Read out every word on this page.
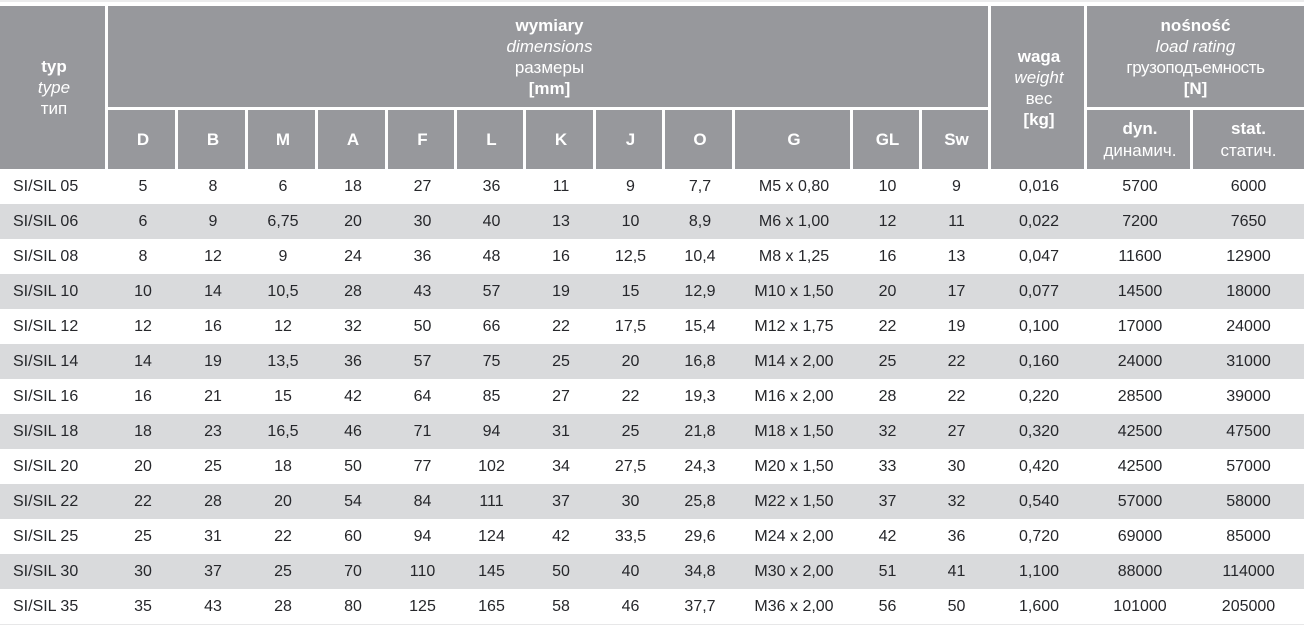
typ
type
тип
wymiary
dimensions
размеры
[mm]
D	B	M	A	F	L	K	J	O	G	GL	Sw
waga
weight
вес
[kg]
nośność
load rating
грузоподъемность
[N]
dyn.
динамич.
stat.
статич.
SI/SIL 05	5	8	6	18	27	36	11	9	7,7	M5 x 0,80	10	9	0,016	5700	6000
SI/SIL 06	6	9	6,75	20	30	40	13	10	8,9	M6 x 1,00	12	11	0,022	7200	7650
SI/SIL 08	8	12	9	24	36	48	16	12,5	10,4	M8 x 1,25	16	13	0,047	11600	12900
SI/SIL 10	10	14	10,5	28	43	57	19	15	12,9	M10 x 1,50	20	17	0,077	14500	18000
SI/SIL 12	12	16	12	32	50	66	22	17,5	15,4	M12 x 1,75	22	19	0,100	17000	24000
SI/SIL 14	14	19	13,5	36	57	75	25	20	16,8	M14 x 2,00	25	22	0,160	24000	31000
SI/SIL 16	16	21	15	42	64	85	27	22	19,3	M16 x 2,00	28	22	0,220	28500	39000
SI/SIL 18	18	23	16,5	46	71	94	31	25	21,8	M18 x 1,50	32	27	0,320	42500	47500
SI/SIL 20	20	25	18	50	77	102	34	27,5	24,3	M20 x 1,50	33	30	0,420	42500	57000
SI/SIL 22	22	28	20	54	84	111	37	30	25,8	M22 x 1,50	37	32	0,540	57000	58000
SI/SIL 25	25	31	22	60	94	124	42	33,5	29,6	M24 x 2,00	42	36	0,720	69000	85000
SI/SIL 30	30	37	25	70	110	145	50	40	34,8	M30 x 2,00	51	41	1,100	88000	114000
SI/SIL 35	35	43	28	80	125	165	58	46	37,7	M36 x 2,00	56	50	1,600	101000	205000
